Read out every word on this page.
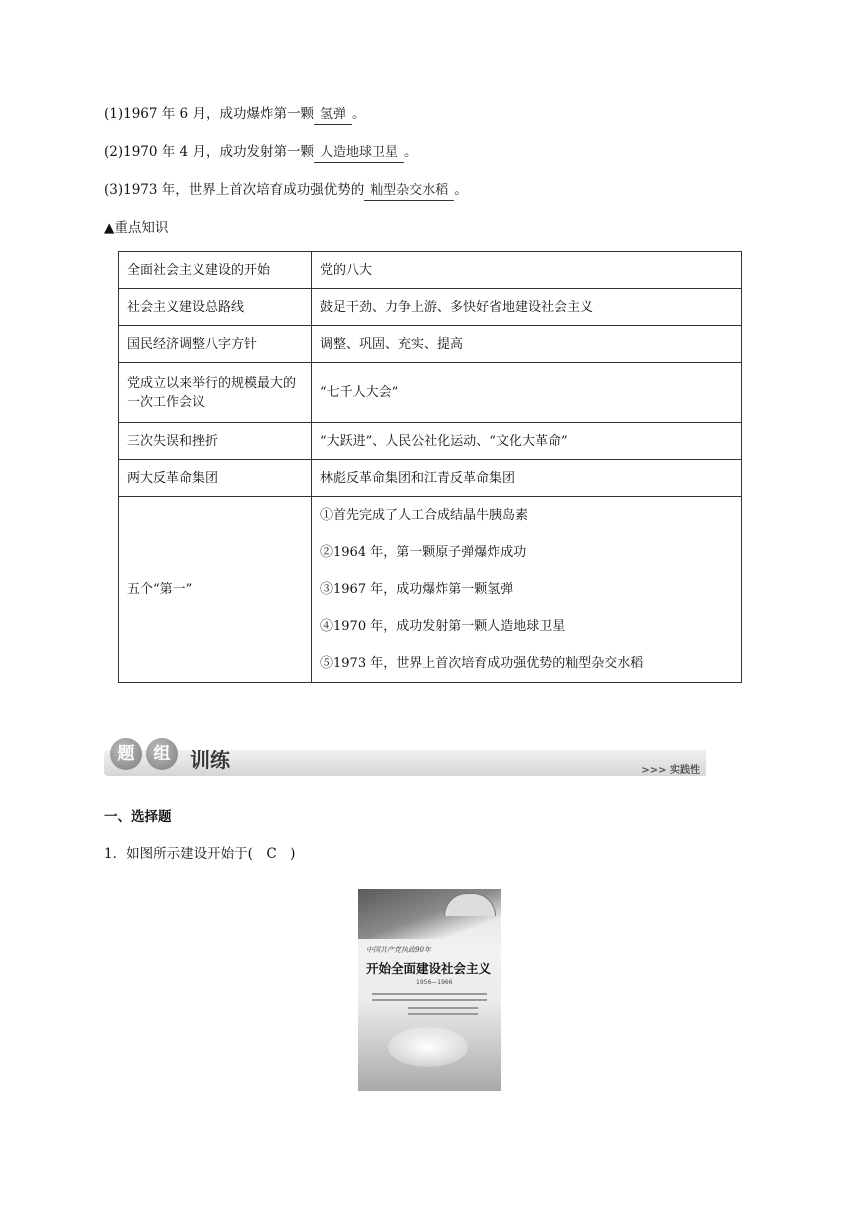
(1)1967 年 6 月，成功爆炸第一颗 氢弹 。
(2)1970 年 4 月，成功发射第一颗 人造地球卫星 。
(3)1973 年，世界上首次培育成功强优势的 籼型杂交水稻 。
▲重点知识
全面社会主义建设的开始	党的八大
社会主义建设总路线	鼓足干劲、力争上游、多快好省地建设社会主义
国民经济调整八字方针	调整、巩固、充实、提高
党成立以来举行的规模最大的一次工作会议	“七千人大会”
三次失误和挫折	“大跃进”、人民公社化运动、“文化大革命”
两大反革命集团	林彪反革命集团和江青反革命集团
五个“第一”	①首先完成了人工合成结晶牛胰岛素
②1964 年，第一颗原子弹爆炸成功
③1967 年，成功爆炸第一颗氢弹
④1970 年，成功发射第一颗人造地球卫星
⑤1973 年，世界上首次培育成功强优势的籼型杂交水稻
题	组 训练	>>> 实践性
一、选择题
1．如图所示建设开始于(　C　)
中国共产党执政90年
开始全面建设社会主义
1956—1966
